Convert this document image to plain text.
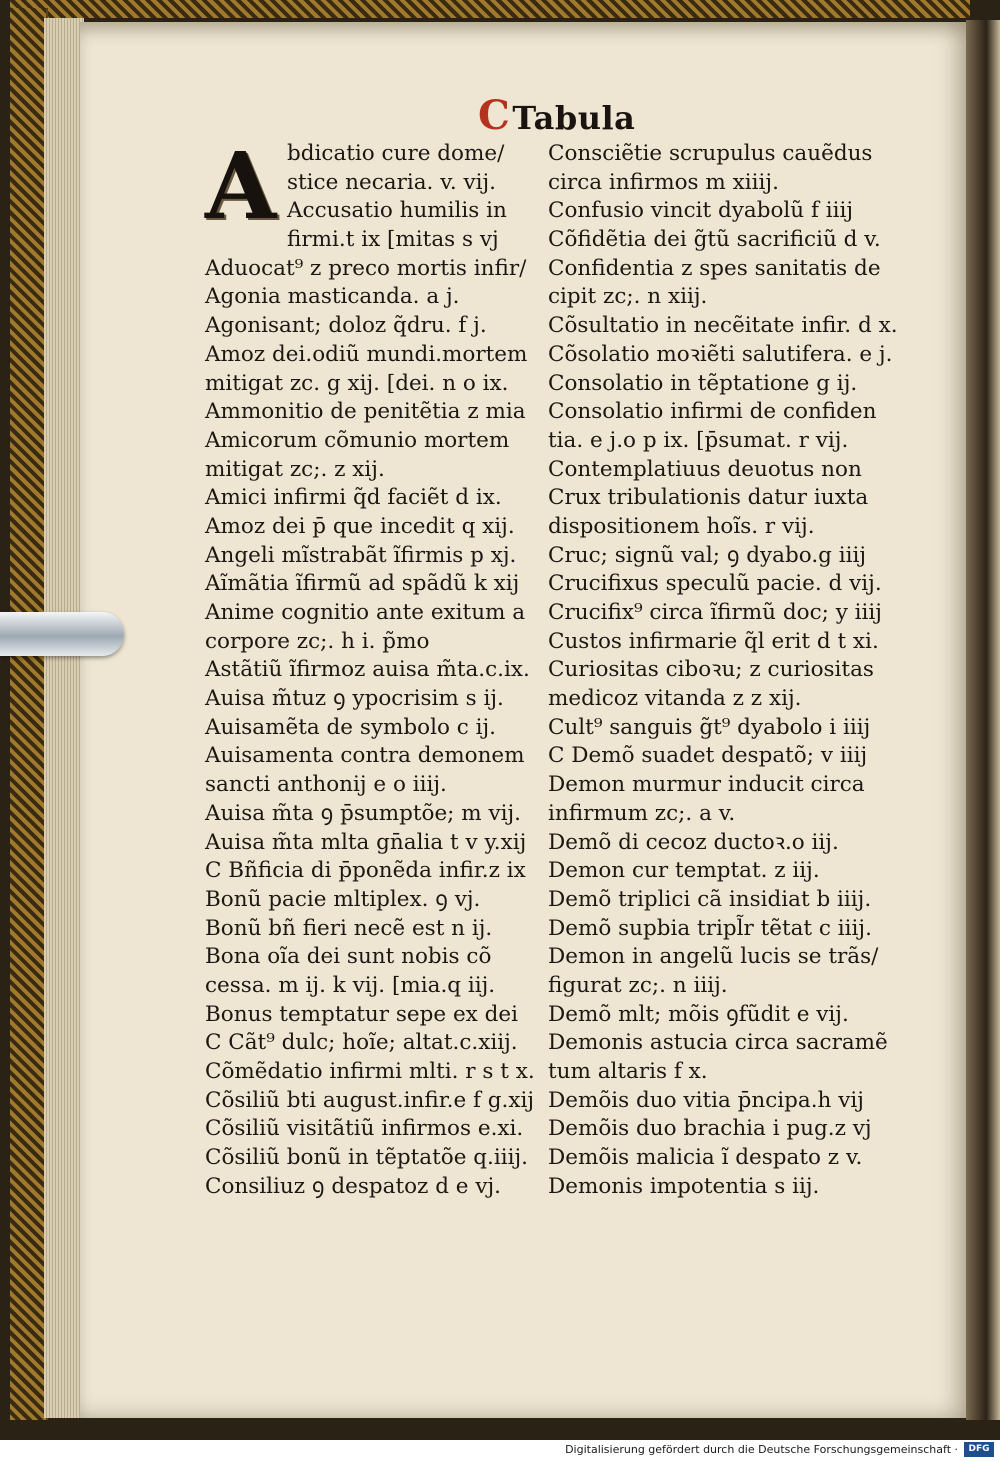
CTabula
A bdicatio cure dome/
stice necaria. v. vij.
Accusatio humilis in
firmi.t ix [mitas s vj
Aduocat⁹ z preco mortis infir/
Agonia masticanda. a j.
Agonisant; doloz q̃dru. f j.
Amoz dei.odiũ mundi.mortem
mitigat zc. g xij. [dei. n o ix.
Ammonitio de penitẽtia z mia
Amicorum cõmunio mortem
mitigat zc;. z xij.
Amici infirmi q̃d faciẽt d ix.
Amoz dei p̄ que incedit q xij.
Angeli mĩstrabãt ĩfirmis p xj.
Aĩmãtia ĩfirmũ ad spãdũ k xij
Anime cognitio ante exitum a
corpore zc;. h i. p̃mo
Astãtiũ ĩfirmoz auisa m̃ta.c.ix.
Auisa m̃tuz ꝯ ypocrisim s ij.
Auisamẽta de symbolo c ij.
Auisamenta contra demonem
sancti anthonij e o iiij.
Auisa m̃ta ꝯ p̄sumptõe; m vij.
Auisa m̃ta mlta gn̄alia t v y.xij
C Bñficia di p̄ponẽda infir.z ix
Bonũ pacie mltiplex. ꝯ vj.
Bonũ bñ fieri necẽ est n ij.
Bona oĩa dei sunt nobis cõ
cessa. m ij. k vij. [mia.q iij.
Bonus temptatur sepe ex dei
C Cãt⁹ dulc; hoĩe; altat.c.xiij.
Cõmẽdatio infirmi mlti. r s t x.
Cõsiliũ bti august.infir.e f g.xij
Cõsiliũ visitãtiũ infirmos e.xi.
Cõsiliũ bonũ in tẽptatõe q.iiij.
Consiliuz ꝯ despatoz d e vj.
Consciẽtie scrupulus cauẽdus
circa infirmos m xiiij.
Confusio vincit dyabolũ f iiij
Cõfidẽtia dei g̃tũ sacrificiũ d v.
Confidentia z spes sanitatis de
cipit zc;. n xiij.
Cõsultatio in necẽitate infir. d x.
Cõsolatio moꝛiẽti salutifera. e j.
Consolatio in tẽptatione g ij.
Consolatio infirmi de confiden
tia. e j.o p ix. [p̄sumat. r vij.
Contemplatiuus deuotus non
Crux tribulationis datur iuxta
dispositionem hoĩs. r vij.
Cruc; signũ val; ꝯ dyabo.g iiij
Crucifixus speculũ pacie. d vij.
Crucifix⁹ circa ĩfirmũ doc; y iiij
Custos infirmarie q̃l erit d t xi.
Curiositas ciboꝛu; z curiositas
medicoz vitanda z z xij.
Cult⁹ sanguis g̃t⁹ dyabolo i iiij
C Demõ suadet despatõ; v iiij
Demon murmur inducit circa
infirmum zc;. a v.
Demõ di cecoz ductoꝛ.o iij.
Demon cur temptat. z iij.
Demõ triplici cã insidiat b iiij.
Demõ supbia tripl̃r tẽtat c iiij.
Demon in angelũ lucis se trãs/
figurat zc;. n iiij.
Demõ mlt; mõis ꝯfũdit e vij.
Demonis astucia circa sacramẽ
tum altaris f x.
Demõis duo vitia p̄ncipa.h vij
Demõis duo brachia i pug.z vj
Demõis malicia ĩ despato z v.
Demonis impotentia s iij.
Digitalisierung gefördert durch die Deutsche Forschungsgemeinschaft ·	DFG
